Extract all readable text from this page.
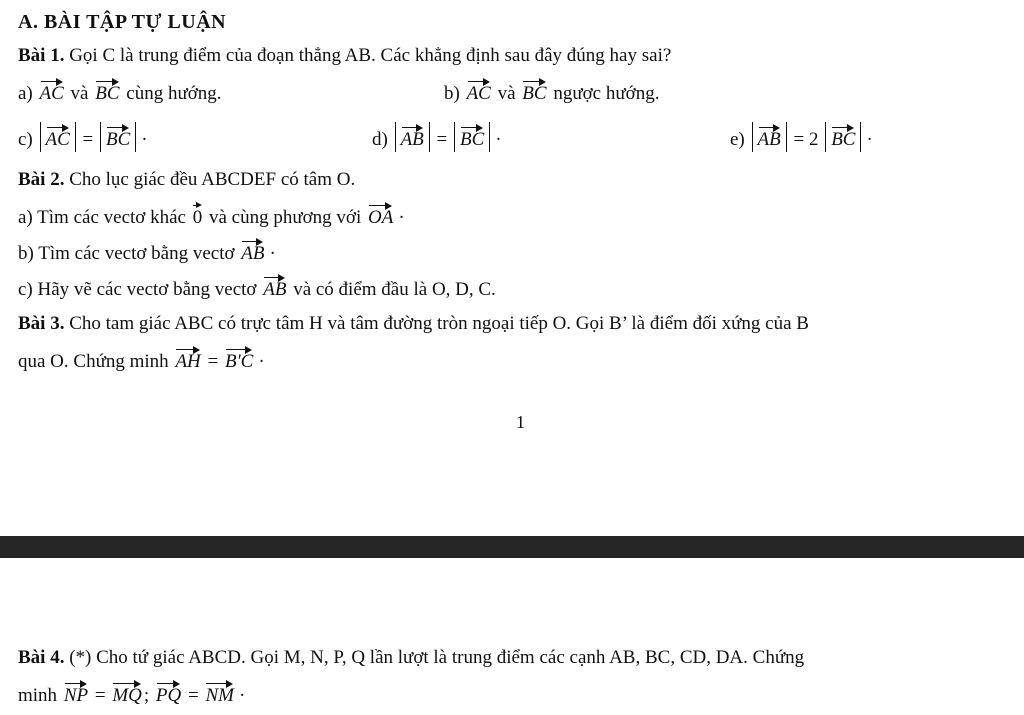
A. BÀI TẬP TỰ LUẬN
Bài 1. Gọi C là trung điểm của đoạn thẳng AB. Các khẳng định sau đây đúng hay sai?
a) AC và BC cùng hướng.	b) AC và BC ngược hướng.
c) AC = BC ·	d) AB = BC ·	e) AB = 2 BC ·
Bài 2. Cho lục giác đều ABCDEF có tâm O.
a) Tìm các vectơ khác 0 và cùng phương với OA ·
b) Tìm các vectơ bằng vectơ AB ·
c) Hãy vẽ các vectơ bằng vectơ AB và có điểm đầu là O, D, C.
Bài 3. Cho tam giác ABC có trực tâm H và tâm đường tròn ngoại tiếp O. Gọi B’ là điểm đối xứng của B
qua O. Chứng minh AH = B'C ·
1
Bài 4. (*) Cho tứ giác ABCD. Gọi M, N, P, Q lần lượt là trung điểm các cạnh AB, BC, CD, DA. Chứng
minh NP = MQ ; PQ = NM ·
